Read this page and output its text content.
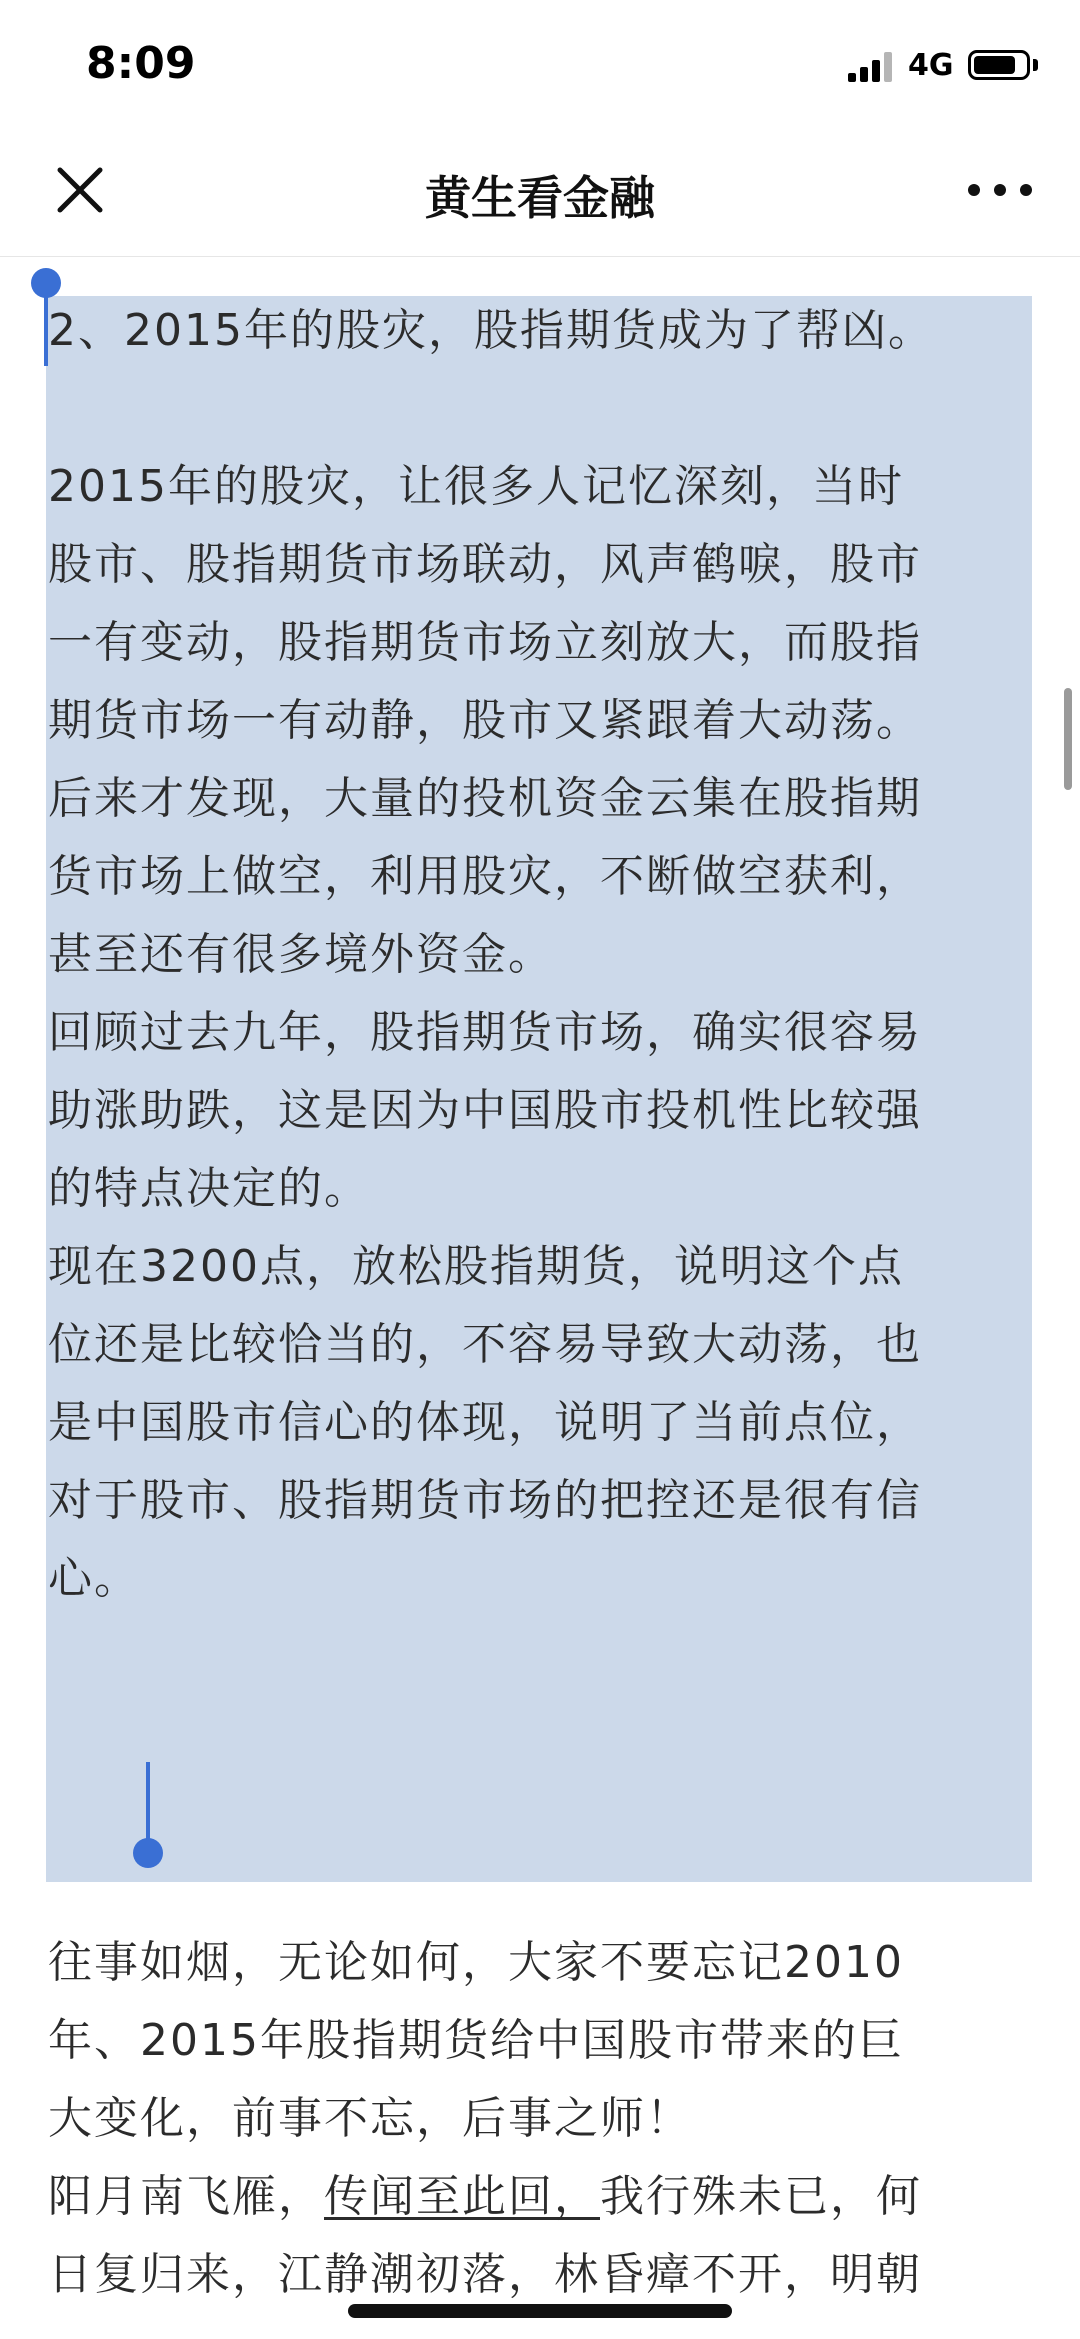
8:09	4G
黄生看金融

2、2015年的股灾，股指期货成为了帮凶。

2015年的股灾，让很多人记忆深刻，当时
股市、股指期货市场联动，风声鹤唳，股市
一有变动，股指期货市场立刻放大，而股指
期货市场一有动静，股市又紧跟着大动荡。

后来才发现，大量的投机资金云集在股指期
货市场上做空，利用股灾，不断做空获利，
甚至还有很多境外资金。

回顾过去九年，股指期货市场，确实很容易
助涨助跌，这是因为中国股市投机性比较强
的特点决定的。

现在3200点，放松股指期货，说明这个点
位还是比较恰当的，不容易导致大动荡，也
是中国股市信心的体现，说明了当前点位，
对于股市、股指期货市场的把控还是很有信
心。

往事如烟，无论如何，大家不要忘记2010
年、2015年股指期货给中国股市带来的巨
大变化，前事不忘，后事之师！

阳月南飞雁，传闻至此回，我行殊未已，何
日复归来，江静潮初落，林昏瘴不开，明朝
